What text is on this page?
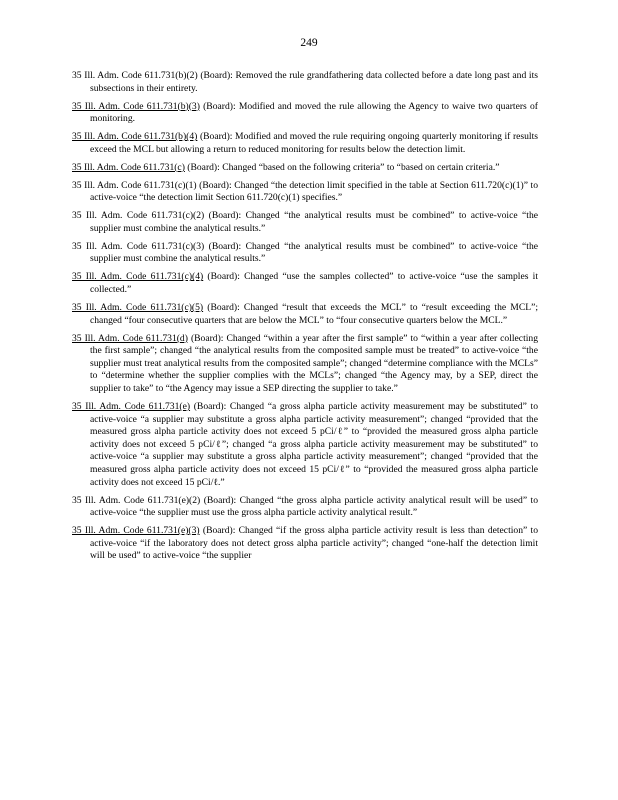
249

35 Ill. Adm. Code 611.731(b)(2) (Board): Removed the rule grandfathering data collected before a date long past and its subsections in their entirety.

35 Ill. Adm. Code 611.731(b)(3) (Board): Modified and moved the rule allowing the Agency to waive two quarters of monitoring.

35 Ill. Adm. Code 611.731(b)(4) (Board): Modified and moved the rule requiring ongoing quarterly monitoring if results exceed the MCL but allowing a return to reduced monitoring for results below the detection limit.

35 Ill. Adm. Code 611.731(c) (Board): Changed “based on the following criteria” to “based on certain criteria.”

35 Ill. Adm. Code 611.731(c)(1) (Board): Changed “the detection limit specified in the table at Section 611.720(c)(1)” to active-voice “the detection limit Section 611.720(c)(1) specifies.”

35 Ill. Adm. Code 611.731(c)(2) (Board): Changed “the analytical results must be combined” to active-voice “the supplier must combine the analytical results.”

35 Ill. Adm. Code 611.731(c)(3) (Board): Changed “the analytical results must be combined” to active-voice “the supplier must combine the analytical results.”

35 Ill. Adm. Code 611.731(c)(4) (Board): Changed “use the samples collected” to active-voice “use the samples it collected.”

35 Ill. Adm. Code 611.731(c)(5) (Board): Changed “result that exceeds the MCL” to “result exceeding the MCL”; changed “four consecutive quarters that are below the MCL” to “four consecutive quarters below the MCL.”

35 Ill. Adm. Code 611.731(d) (Board): Changed “within a year after the first sample” to “within a year after collecting the first sample”; changed “the analytical results from the composited sample must be treated” to active-voice “the supplier must treat analytical results from the composited sample”; changed “determine compliance with the MCLs” to “determine whether the supplier complies with the MCLs”; changed “the Agency may, by a SEP, direct the supplier to take” to “the Agency may issue a SEP directing the supplier to take.”

35 Ill. Adm. Code 611.731(e) (Board): Changed “a gross alpha particle activity measurement may be substituted” to active-voice “a supplier may substitute a gross alpha particle activity measurement”; changed “provided that the measured gross alpha particle activity does not exceed 5 pCi/ℓ” to “provided the measured gross alpha particle activity does not exceed 5 pCi/ℓ”; changed “a gross alpha particle activity measurement may be substituted” to active-voice “a supplier may substitute a gross alpha particle activity measurement”; changed “provided that the measured gross alpha particle activity does not exceed 15 pCi/ℓ” to “provided the measured gross alpha particle activity does not exceed 15 pCi/ℓ.”

35 Ill. Adm. Code 611.731(e)(2) (Board): Changed “the gross alpha particle activity analytical result will be used” to active-voice “the supplier must use the gross alpha particle activity analytical result.”

35 Ill. Adm. Code 611.731(e)(3) (Board): Changed “if the gross alpha particle activity result is less than detection” to active-voice “if the laboratory does not detect gross alpha particle activity”; changed “one-half the detection limit will be used” to active-voice “the supplier
